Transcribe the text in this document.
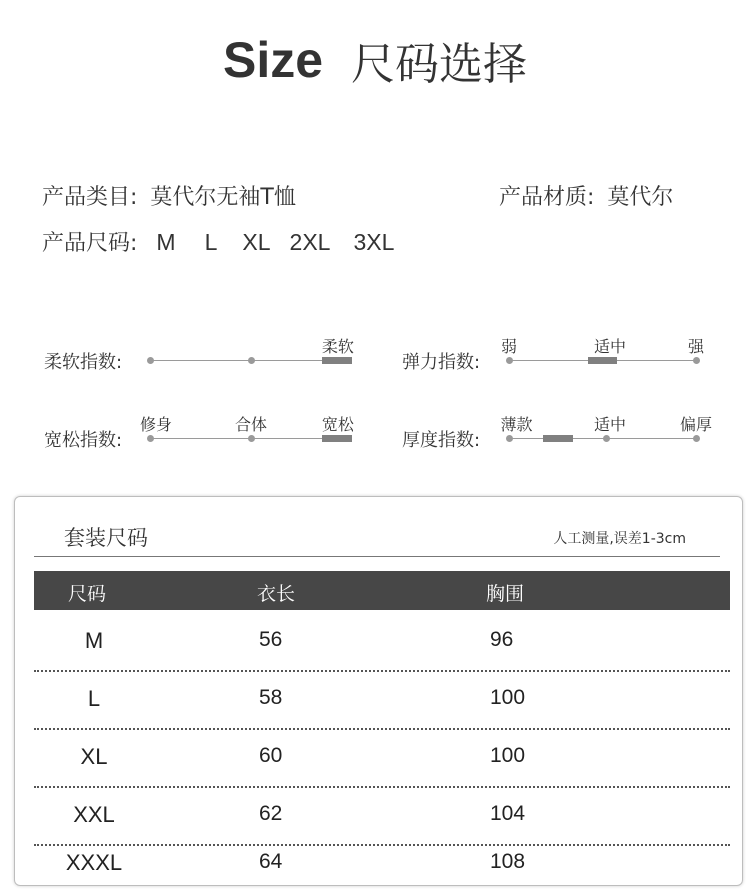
Size 尺码选择
产品类目: 莫代尔无袖T恤	产品材质: 莫代尔
产品尺码: M L XL 2XL 3XL
柔软指数:
柔软
弹力指数:
弱	适中	强
宽松指数:
修身	合体	宽松
厚度指数:
薄款	适中	偏厚
套装尺码	人工测量,误差1-3cm
尺码	衣长	胸围
M	56	96
L	58	100
XL	60	100
XXL	62	104
XXXL	64	108
